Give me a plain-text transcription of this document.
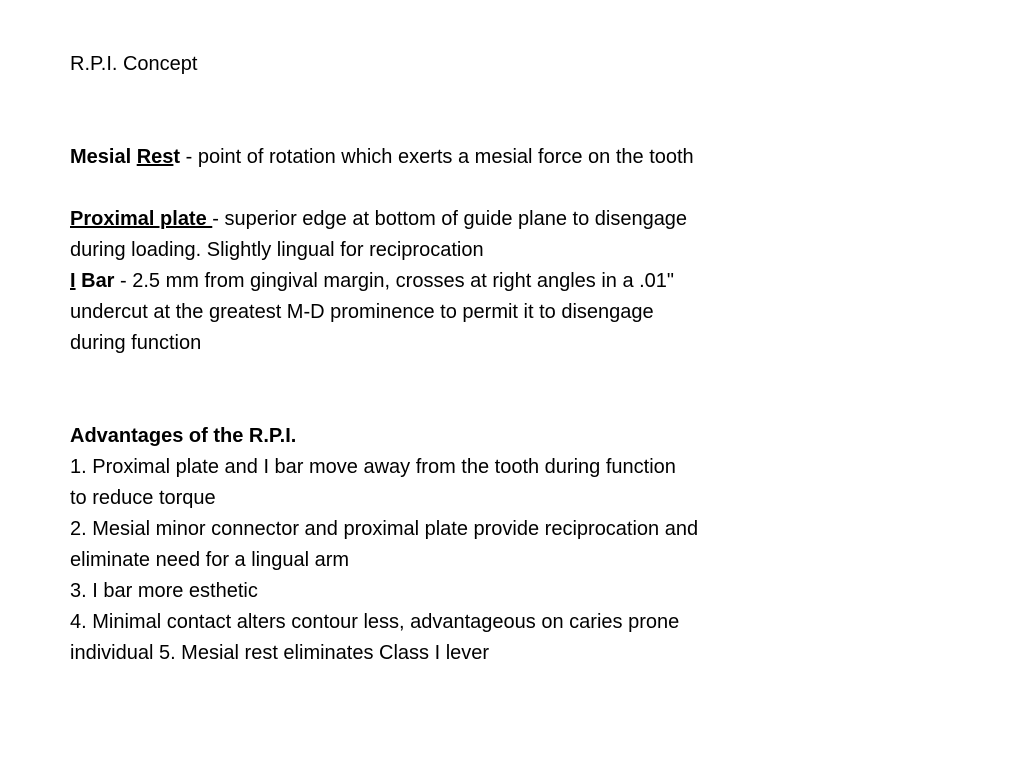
R.P.I. Concept
Mesial Rest - point of rotation which exerts a mesial force on the tooth
Proximal plate - superior edge at bottom of guide plane to disengage
during loading. Slightly lingual for reciprocation
I Bar - 2.5 mm from gingival margin, crosses at right angles in a .01"
undercut at the greatest M-D prominence to permit it to disengage
during function
Advantages of the R.P.I.
1. Proximal plate and I bar move away from the tooth during function
to reduce torque
2. Mesial minor connector and proximal plate provide reciprocation and
eliminate need for a lingual arm
3. I bar more esthetic
4. Minimal contact alters contour less, advantageous on caries prone
individual 5. Mesial rest eliminates Class I lever
